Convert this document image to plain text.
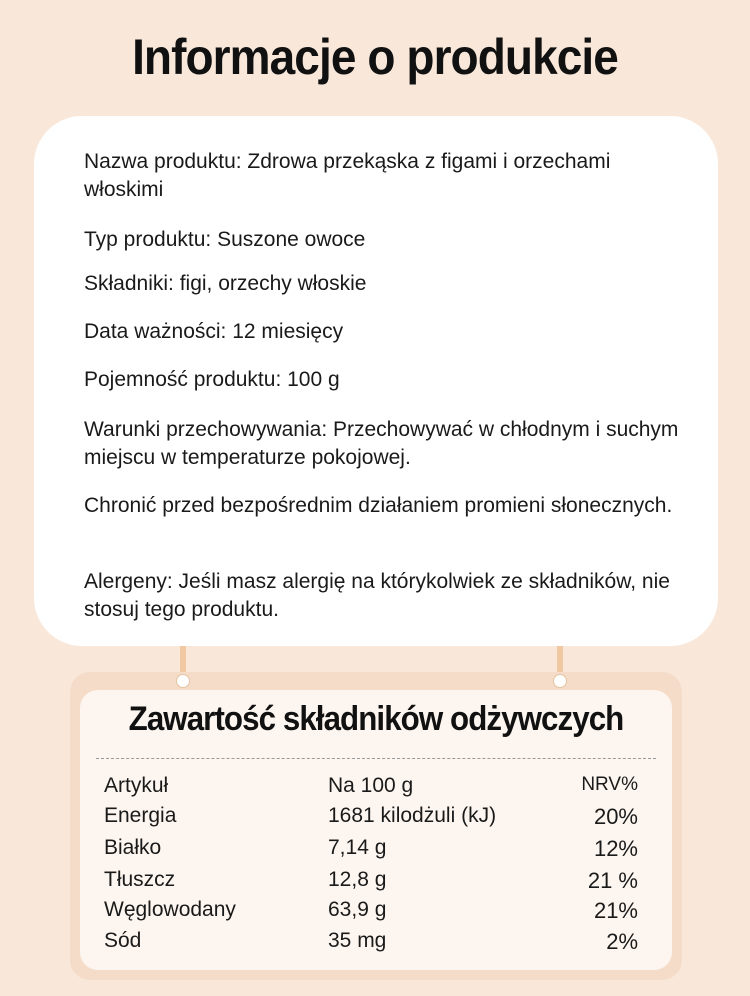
Informacje o produkcie
Nazwa produktu: Zdrowa przekąska z figami i orzechami włoskimi
Typ produktu: Suszone owoce
Składniki: figi, orzechy włoskie
Data ważności: 12 miesięcy
Pojemność produktu: 100 g
Warunki przechowywania: Przechowywać w chłodnym i suchym miejscu w temperaturze pokojowej.
Chronić przed bezpośrednim działaniem promieni słonecznych.
Alergeny: Jeśli masz alergię na którykolwiek ze składników, nie stosuj tego produktu.
Zawartość składników odżywczych
Artykuł	Na 100 g	NRV%
Energia	1681 kilodżuli (kJ)	20%
Białko	7,14 g	12%
Tłuszcz	12,8 g	21 %
Węglowodany	63,9 g	21%
Sód	35 mg	2%
